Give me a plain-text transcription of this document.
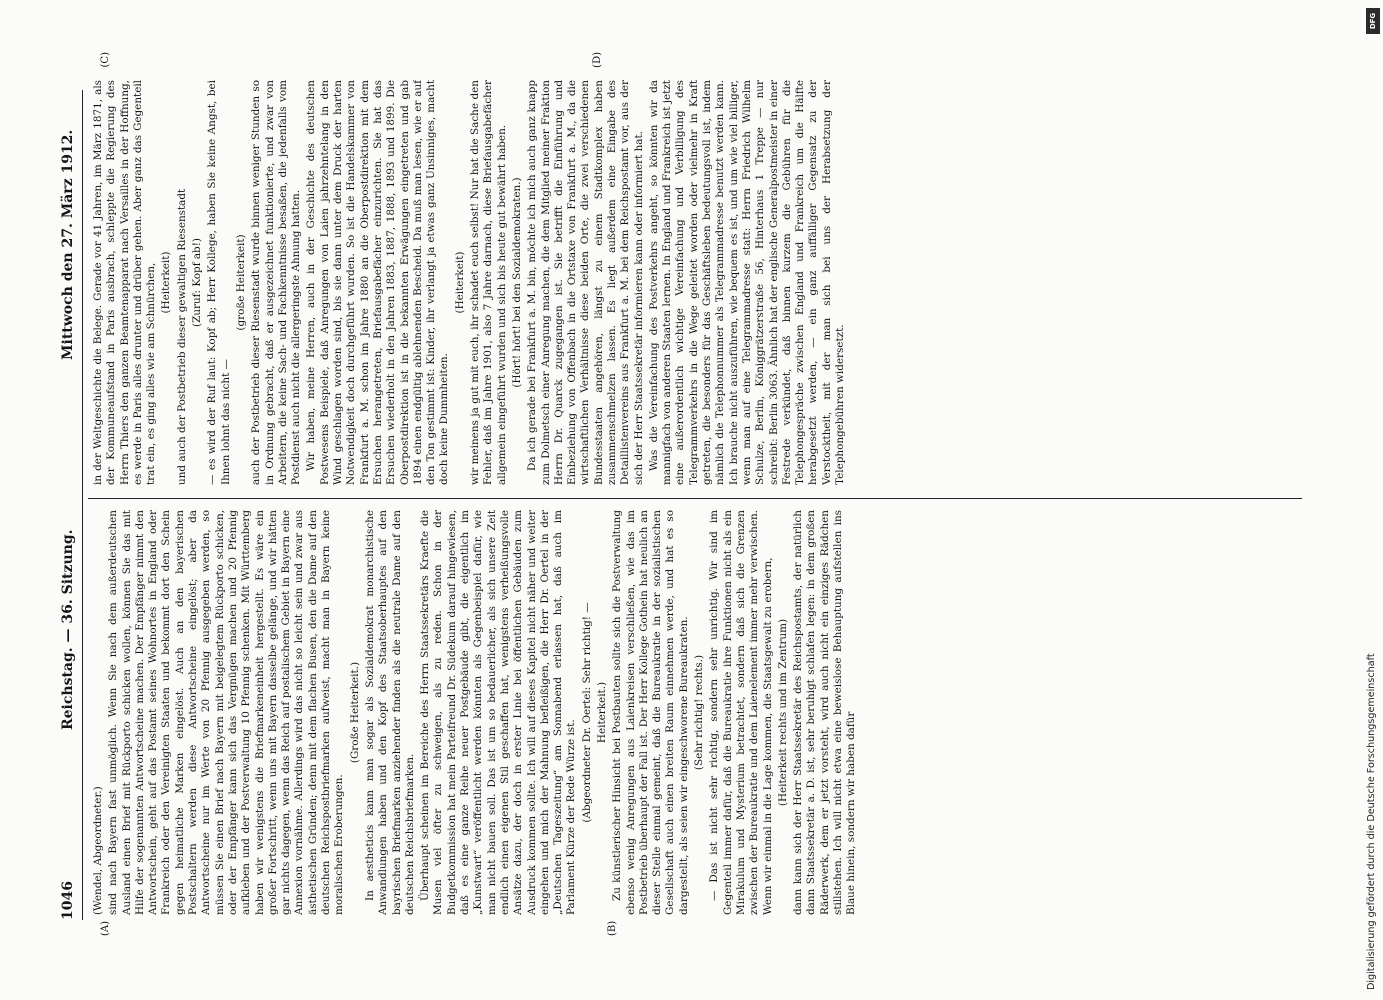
1046
Reichstag. — 36. Sitzung.
Mittwoch den 27. März 1912.
(A)	(B)
(C)	(D)

(Wendel, Abgeordneter.) sind nach Bayern fast unmöglich. Wenn Sie nach dem außerdeutschen Ausland einen Brief mit Rückporto schicken wollen, können Sie das mit Hilfe der sogenannten Antwortscheine machen. Der Empfänger nimmt den Antwortschein, geht auf das Postamt seines Wohnortes in England oder Frankreich oder den Vereinigten Staaten und bekommt dort den Schein gegen heimatliche Marken eingelöst. Auch an den bayerischen Postschaltern werden diese Antwortscheine eingelöst; aber da Antwortscheine nur im Werte von 20 Pfennig ausgegeben werden, so müssen Sie einen Brief nach Bayern mit beigelegtem Rückporto schicken, oder der Empfänger kann sich das Vergnügen machen und 20 Pfennig aufkleben und der Postverwaltung 10 Pfennig schenken. Mit Württemberg haben wir wenigstens die Briefmarkeneinheit hergestellt. Es wäre ein großer Fortschritt, wenn uns mit Bayern dasselbe gelänge, und wir hätten gar nichts dagegen, wenn das Reich auf postalischem Gebiet in Bayern eine Annexion vornähme. Allerdings wird das nicht so leicht sein und zwar aus ästhetischen Gründen; denn mit dem flachen Busen, den die Dame auf den deutschen Reichspostbriefmarken aufweist, macht man in Bayern keine moralischen Eroberungen.

(Große Heiterkeit.) In aestheticis kann man sogar als Sozialdemokrat monarchistische Anwandlungen haben und den Kopf des Staatsoberhauptes auf den bayrischen Briefmarken anziehender finden als die neutrale Dame auf den deutschen Reichsbriefmarken. Überhaupt scheinen im Bereiche des Herrn Staatssekretärs Kraefte die Musen viel öfter zu schweigen, als zu reden. Schon in der Budgetkommission hat mein Parteifreund Dr. Südekum darauf hingewiesen, daß es eine ganze Reihe neuer Postgebäude gibt, die eigentlich im „Kunstwart“ veröffentlicht werden könnten als Gegenbeispiel dafür, wie man nicht bauen soll. Das ist um so bedauerlicher, als sich unsere Zeit endlich einen eigenen Stil geschaffen hat, wenigstens verheißungsvolle Ansätze dazu, der doch in erster Linie bei öffentlichen Gebäuden zum Ausdruck kommen sollte. Ich will auf dieses Kapitel nicht näher und weiter eingehen und mich der Mahnung befleißigen, die Herr Dr. Oertel in der „Deutschen Tageszeitung“ am Sonnabend erlassen hat, daß auch im Parlament Kürze der Rede Würze ist. (Abgeordneter Dr. Oertel: Sehr richtig! — Heiterkeit.) Zu künstlerischer Hinsicht bei Postbauten sollte sich die Postverwaltung ebenso wenig Anregungen aus Laienkreisen verschließen, wie das im Postbetrieb überhaupt der Fall ist. Der Herr Kollege Gothein hat neulich an dieser Stelle einmal gemeint, daß die Bureaukratie in der sozialistischen Gesellschaft auch einen breiten Raum einnehmen werde, und hat es so dargestellt, als seien wir eingeschworene Bureaukraten. (Sehr richtig! rechts.) — Das ist nicht sehr richtig, sondern sehr unrichtig. Wir sind im Gegenteil immer dafür, daß die Bureaukratie ihre Funktionen nicht als ein Mirakulum und Mysterium betrachtet, sondern daß sich die Grenzen zwischen der Bureaukratie und dem Laienelement immer mehr verwischen. Wenn wir einmal in die Lage kommen, die Staatsgewalt zu erobern, (Heiterkeit rechts und im Zentrum) dann kann sich der Herr Staatssekretär des Reichspostamts, der natürlich dann Staatssekretär a. D. ist, sehr beruhigt schlafen legen: in dem großen Räderwerk, dem er jetzt vorsteht, wird auch nicht ein einziges Rädchen stillstehen. Ich will nicht etwa eine beweislose Behauptung aufstellen ins Blaue hinein, sondern wir haben dafür

in der Weltgeschichte die Belege. Gerade vor 41 Jahren, im März 1871, als der Kommuneaufstand in Paris ausbrach, schleppte die Regierung des Herrn Thiers den ganzen Beamtenapparat nach Versailles in der Hoffnung, es werde in Paris alles drunter und drüber gehen. Aber ganz das Gegenteil trat ein, es ging alles wie am Schnürchen, (Heiterkeit) und auch der Postbetrieb dieser gewaltigen Riesenstadt (Zuruf: Kopf ab!) — es wird der Ruf laut: Kopf ab; Herr Kollege, haben Sie keine Angst, bei Ihnen lohnt das nicht —

(große Heiterkeit) auch der Postbetrieb dieser Riesenstadt wurde binnen weniger Stunden so in Ordnung gebracht, daß er ausgezeichnet funktionierte, und zwar von Arbeitern, die keine Sach- und Fachkenntnisse besaßen, die jedenfalls vom Postdienst auch nicht die allergeringste Ahnung hatten. Wir haben, meine Herren, auch in der Geschichte des deutschen Postwesens Beispiele, daß Anregungen von Laien jahrzehntelang in den Wind geschlagen worden sind, bis sie dann unter dem Druck der harten Notwendigkeit doch durchgeführt wurden. So ist die Handelskammer von Frankfurt a. M. schon im Jahre 1880 an die Oberpostdirektion mit dem Ersuchen herangetreten, Briefausgabefächer einzurichten. Sie hat das Ersuchen wiederholt in den Jahren 1883, 1887, 1888, 1893 und 1899. Die Oberpostdirektion ist in die bekannten Erwägungen eingetreten und gab 1894 einen endgültig ablehnenden Bescheid. Da muß man lesen, wie er auf den Ton gestimmt ist: Kinder, ihr verlangt ja etwas ganz Unsinniges, macht doch keine Dummheiten.

(Heiterkeit) wir meinens ja gut mit euch, ihr schadet euch selbst! Nur hat die Sache den Fehler, daß im Jahre 1901, also 7 Jahre darnach, diese Briefausgabefächer allgemein eingeführt wurden und sich bis heute gut bewährt haben. (Hört! hört! bei den Sozialdemokraten.) Da ich gerade bei Frankfurt a. M. bin, möchte ich mich auch ganz knapp zum Dolmetsch einer Anregung machen, die dem Mitglied meiner Fraktion Herrn Dr. Quarck zugegangen ist. Sie betrifft die Einführung und Einbeziehung von Offenbach in die Ortstaxe von Frankfurt a. M., da die wirtschaftlichen Verhältnisse diese beiden Orte, die zwei verschiedenen Bundesstaaten angehören, längst zu einem Stadtkomplex haben zusammenschmelzen lassen. Es liegt außerdem eine Eingabe des Detaillistenvereins aus Frankfurt a. M. bei dem Reichspostamt vor, aus der sich der Herr Staatssekretär informieren kann oder informiert hat. Was die Vereinfachung des Postverkehrs angeht, so könnten wir da mannigfach von anderen Staaten lernen. In England und Frankreich ist jetzt eine außerordentlich wichtige Vereinfachung und Verbilligung des Telegrammverkehrs in die Wege geleitet worden oder vielmehr in Kraft getreten, die besonders für das Geschäftsleben bedeutungsvoll ist, indem nämlich die Telephonnummer als Telegrammadresse benutzt werden kann. Ich brauche nicht auszuführen, wie bequem es ist, und um wie viel billiger, wenn man auf eine Telegrammadresse statt: Herrn Friedrich Wilhelm Schulze, Berlin, Königgrätzerstraße 56, Hinterhaus 1 Treppe — nur schreibt: Berlin 3063. Ähnlich hat der englische Generalpostmeister in einer Festrede verkündet, daß binnen kurzem die Gebühren für die Telephongespräche zwischen England und Frankreich um die Hälfte herabgesetzt werden, — ein ganz auffälliger Gegensatz zu der Verstocktheit, mit der man sich bei uns der Herabsetzung der Telephongebühren widersetzt.

Digitalisierung gefördert durch die Deutsche Forschungsgemeinschaft
DFG
